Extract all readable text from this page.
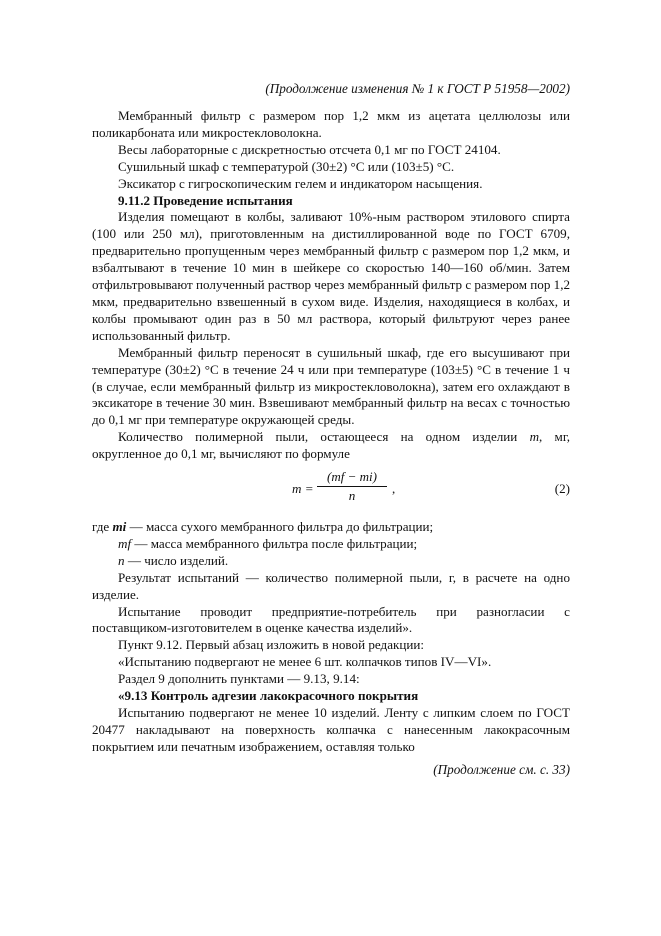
(Продолжение изменения № 1 к ГОСТ Р 51958—2002)

Мембранный фильтр с размером пор 1,2 мкм из ацетата целлюлозы или поликарбоната или микростекловолокна.

Весы лабораторные с дискретностью отсчета 0,1 мг по ГОСТ 24104.

Сушильный шкаф с температурой (30±2) °С или (103±5) °С.

Эксикатор с гигроскопическим гелем и индикатором насыщения.

9.11.2 Проведение испытания

Изделия помещают в колбы, заливают 10%-ным раствором этилового спирта (100 или 250 мл), приготовленным на дистиллированной воде по ГОСТ 6709, предварительно пропущенным через мембранный фильтр с размером пор 1,2 мкм, и взбалтывают в течение 10 мин в шейкере со скоростью 140—160 об/мин. Затем отфильтровывают полученный раствор через мембранный фильтр с размером пор 1,2 мкм, предварительно взвешенный в сухом виде. Изделия, находящиеся в колбах, и колбы промывают один раз в 50 мл раствора, который фильтруют через ранее использованный фильтр.

Мембранный фильтр переносят в сушильный шкаф, где его высушивают при температуре (30±2) °С в течение 24 ч или при температуре (103±5) °С в течение 1 ч (в случае, если мембранный фильтр из микростекловолокна), затем его охлаждают в эксикаторе в течение 30 мин. Взвешивают мембранный фильтр на весах с точностью до 0,1 мг при температуре окружающей среды.

Количество полимерной пыли, остающееся на одном изделии m, мг, округленное до 0,1 мг, вычисляют по формуле

m =
(mf − mi)
n	,	(2)

где mi — масса сухого мембранного фильтра до фильтрации;

mf — масса мембранного фильтра после фильтрации;

n — число изделий.

Результат испытаний — количество полимерной пыли, г, в расчете на одно изделие.

Испытание проводит предприятие-потребитель при разногласии с поставщиком-изготовителем в оценке качества изделий».

Пункт 9.12. Первый абзац изложить в новой редакции:

«Испытанию подвергают не менее 6 шт. колпачков типов IV—VI».

Раздел 9 дополнить пунктами — 9.13, 9.14:

«9.13 Контроль адгезии лакокрасочного покрытия

Испытанию подвергают не менее 10 изделий. Ленту с липким слоем по ГОСТ 20477 накладывают на поверхность колпачка с нанесенным лакокрасочным покрытием или печатным изображением, оставляя только

(Продолжение см. с. 33)
